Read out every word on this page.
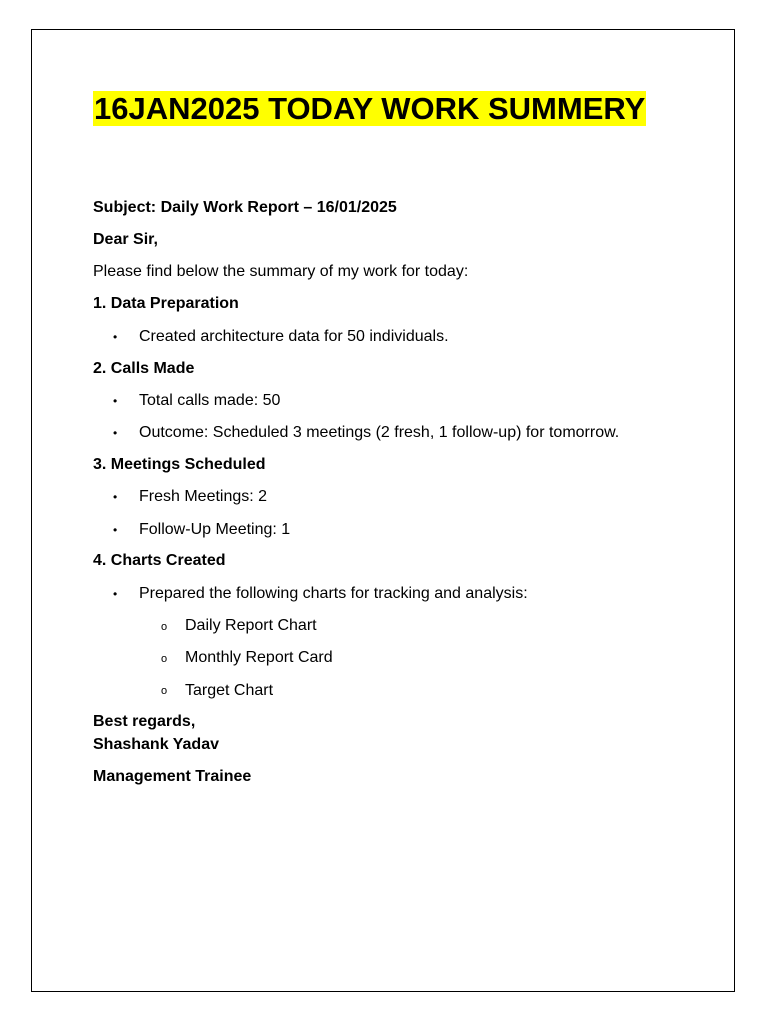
16JAN2025 TODAY WORK SUMMERY
Subject: Daily Work Report – 16/01/2025
Dear Sir,
Please find below the summary of my work for today:
1. Data Preparation
• Created architecture data for 50 individuals.
2. Calls Made
• Total calls made: 50
• Outcome: Scheduled 3 meetings (2 fresh, 1 follow-up) for tomorrow.
3. Meetings Scheduled
• Fresh Meetings: 2
• Follow-Up Meeting: 1
4. Charts Created
• Prepared the following charts for tracking and analysis:
o Daily Report Chart
o Monthly Report Card
o Target Chart
Best regards,
Shashank Yadav
Management Trainee
